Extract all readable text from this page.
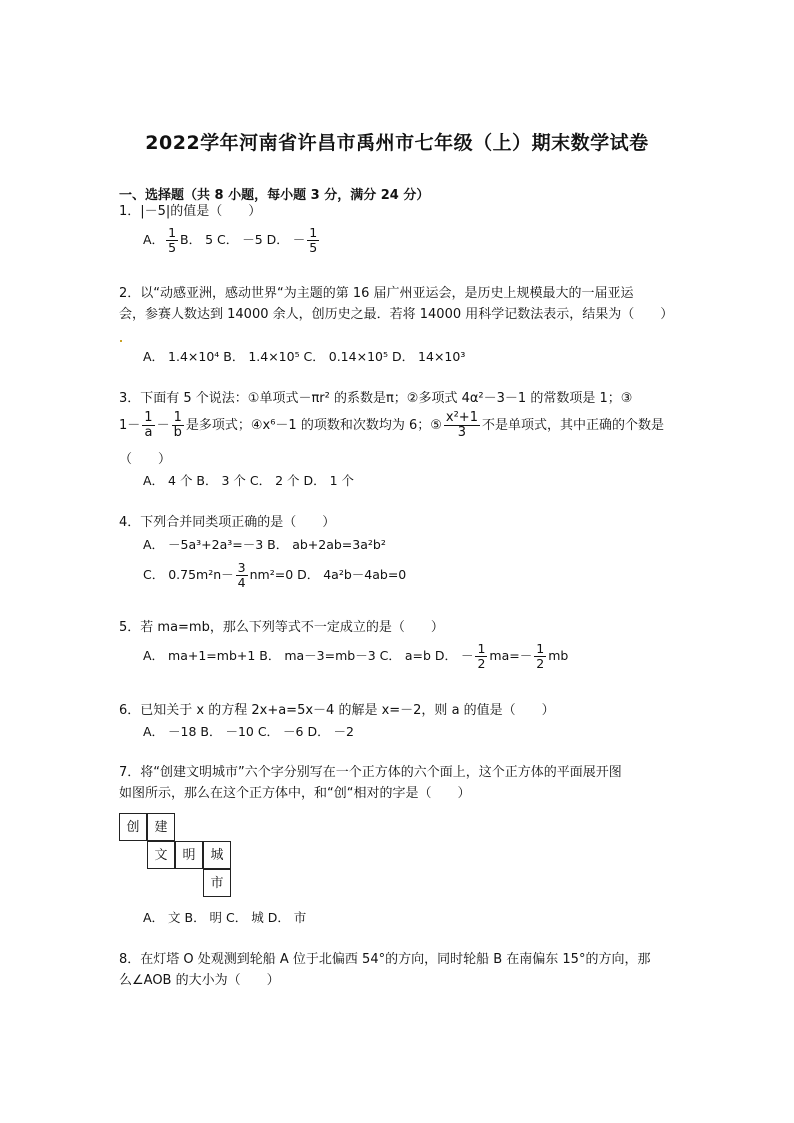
2022学年河南省许昌市禹州市七年级（上）期末数学试卷
一、选择题（共 8 小题，每小题 3 分，满分 24 分）
1．|－5|的值是（　　）
A． $\frac{1}{5}$ B． 5 C． －5 D． － $\frac{1}{5}$
2．以“动感亚洲，感动世界“为主题的第 16 届广州亚运会，是历史上规模最大的一届亚运
会，参赛人数达到 14000 余人，创历史之最．若将 14000 用科学记数法表示，结果为（　　）
A． 1.4×10⁴ B． 1.4×10⁵ C． 0.14×10⁵ D． 14×10³
3．下面有 5 个说法：①单项式－πr² 的系数是π；②多项式 4α²－3－1 的常数项是 1；③
$1- \frac{1}{a} - \frac{1}{b}$ 是多项式；④x⁶－1 的项数和次数均为 6；⑤ $\frac{\text{x²+1}}{3}$ 不是单项式，其中正确的个数是
（　　）
A． 4 个 B． 3 个 C． 2 个 D． 1 个
4．下列合并同类项正确的是（　　）
A． －5a³+2a³=－3 B． ab+2ab=3a²b²
C． $0.75m^2n- \frac{3}{4} nm^2=0$ D． 4a²b－4ab=0
5．若 ma=mb，那么下列等式不一定成立的是（　　）
A． ma+1=mb+1 B． ma－3=mb－3 C． a=b D． － $\frac{1}{2} ma=- \frac{1}{2}$ mb
6．已知关于 x 的方程 2x+a=5x－4 的解是 x=－2，则 a 的值是（　　）
A． －18 B． －10 C． －6 D． －2
7．将“创建文明城市”六个字分别写在一个正方体的六个面上，这个正方体的平面展开图
如图所示，那么在这个正方体中，和“创“相对的字是（　　）
创	建
文	明	城
市
A． 文 B． 明 C． 城 D． 市
8．在灯塔 O 处观测到轮船 A 位于北偏西 54°的方向，同时轮船 B 在南偏东 15°的方向，那
么∠AOB 的大小为（　　）
